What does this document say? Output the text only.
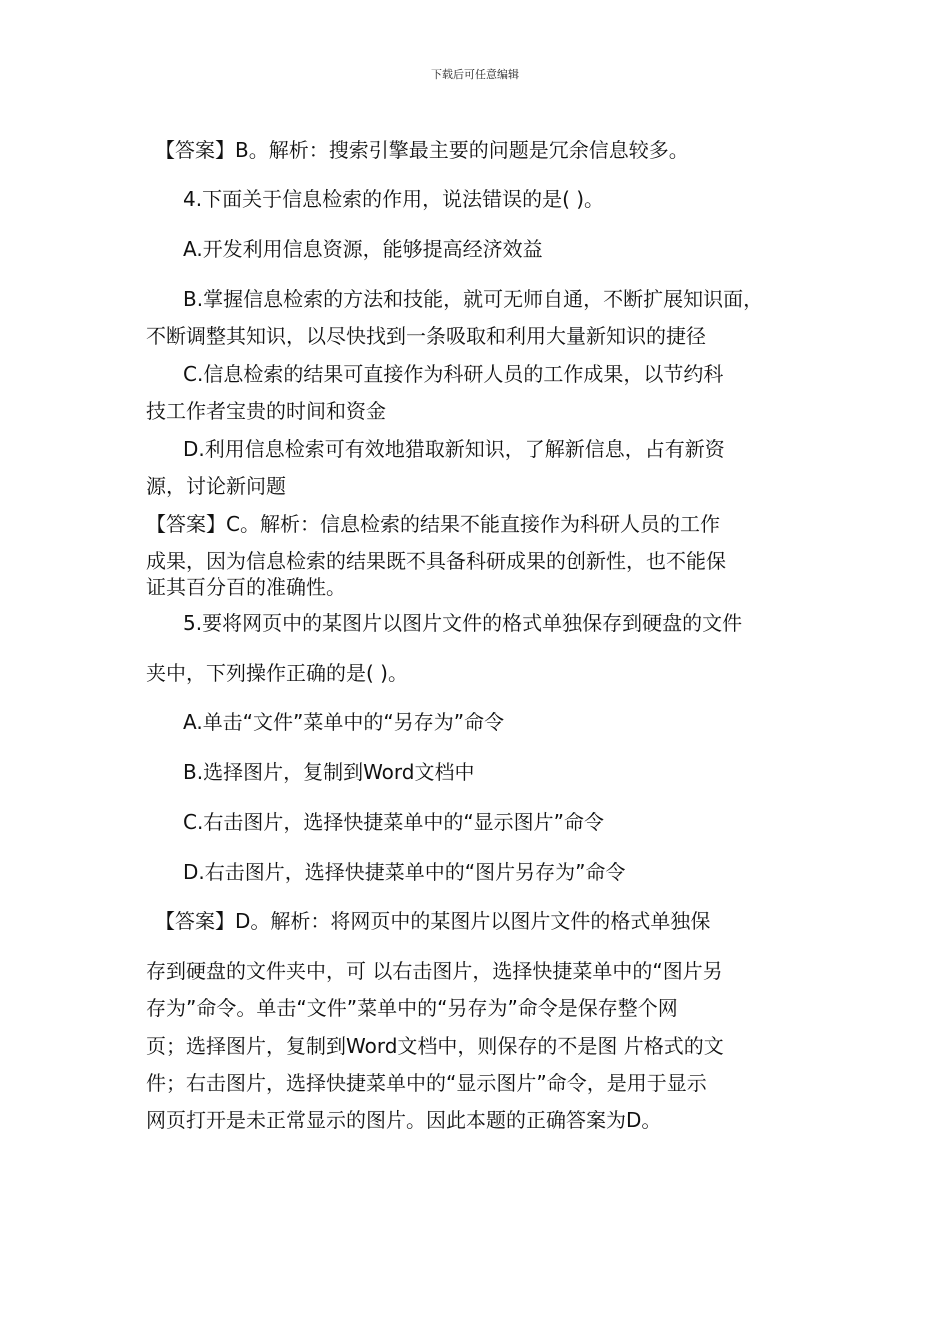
下载后可任意编辑
【答案】B。解析：搜索引擎最主要的问题是冗余信息较多。
4.下面关于信息检索的作用，说法错误的是( )。
A.开发利用信息资源，能够提高经济效益
B.掌握信息检索的方法和技能，就可无师自通，不断扩展知识面，
不断调整其知识，以尽快找到一条吸取和利用大量新知识的捷径
C.信息检索的结果可直接作为科研人员的工作成果，以节约科
技工作者宝贵的时间和资金
D.利用信息检索可有效地猎取新知识，了解新信息，占有新资
源，讨论新问题
【答案】C。解析：信息检索的结果不能直接作为科研人员的工作
成果，因为信息检索的结果既不具备科研成果的创新性，也不能保
证其百分百的准确性。
5.要将网页中的某图片以图片文件的格式单独保存到硬盘的文件
夹中，下列操作正确的是( )。
A.单击“文件”菜单中的“另存为”命令
B.选择图片，复制到Word文档中
C.右击图片，选择快捷菜单中的“显示图片”命令
D.右击图片，选择快捷菜单中的“图片另存为”命令
【答案】D。解析：将网页中的某图片以图片文件的格式单独保
存到硬盘的文件夹中，可 以右击图片，选择快捷菜单中的“图片另
存为”命令。单击“文件”菜单中的“另存为”命令是保存整个网
页；选择图片，复制到Word文档中，则保存的不是图 片格式的文
件；右击图片，选择快捷菜单中的“显示图片”命令，是用于显示
网页打开是未正常显示的图片。因此本题的正确答案为D。
